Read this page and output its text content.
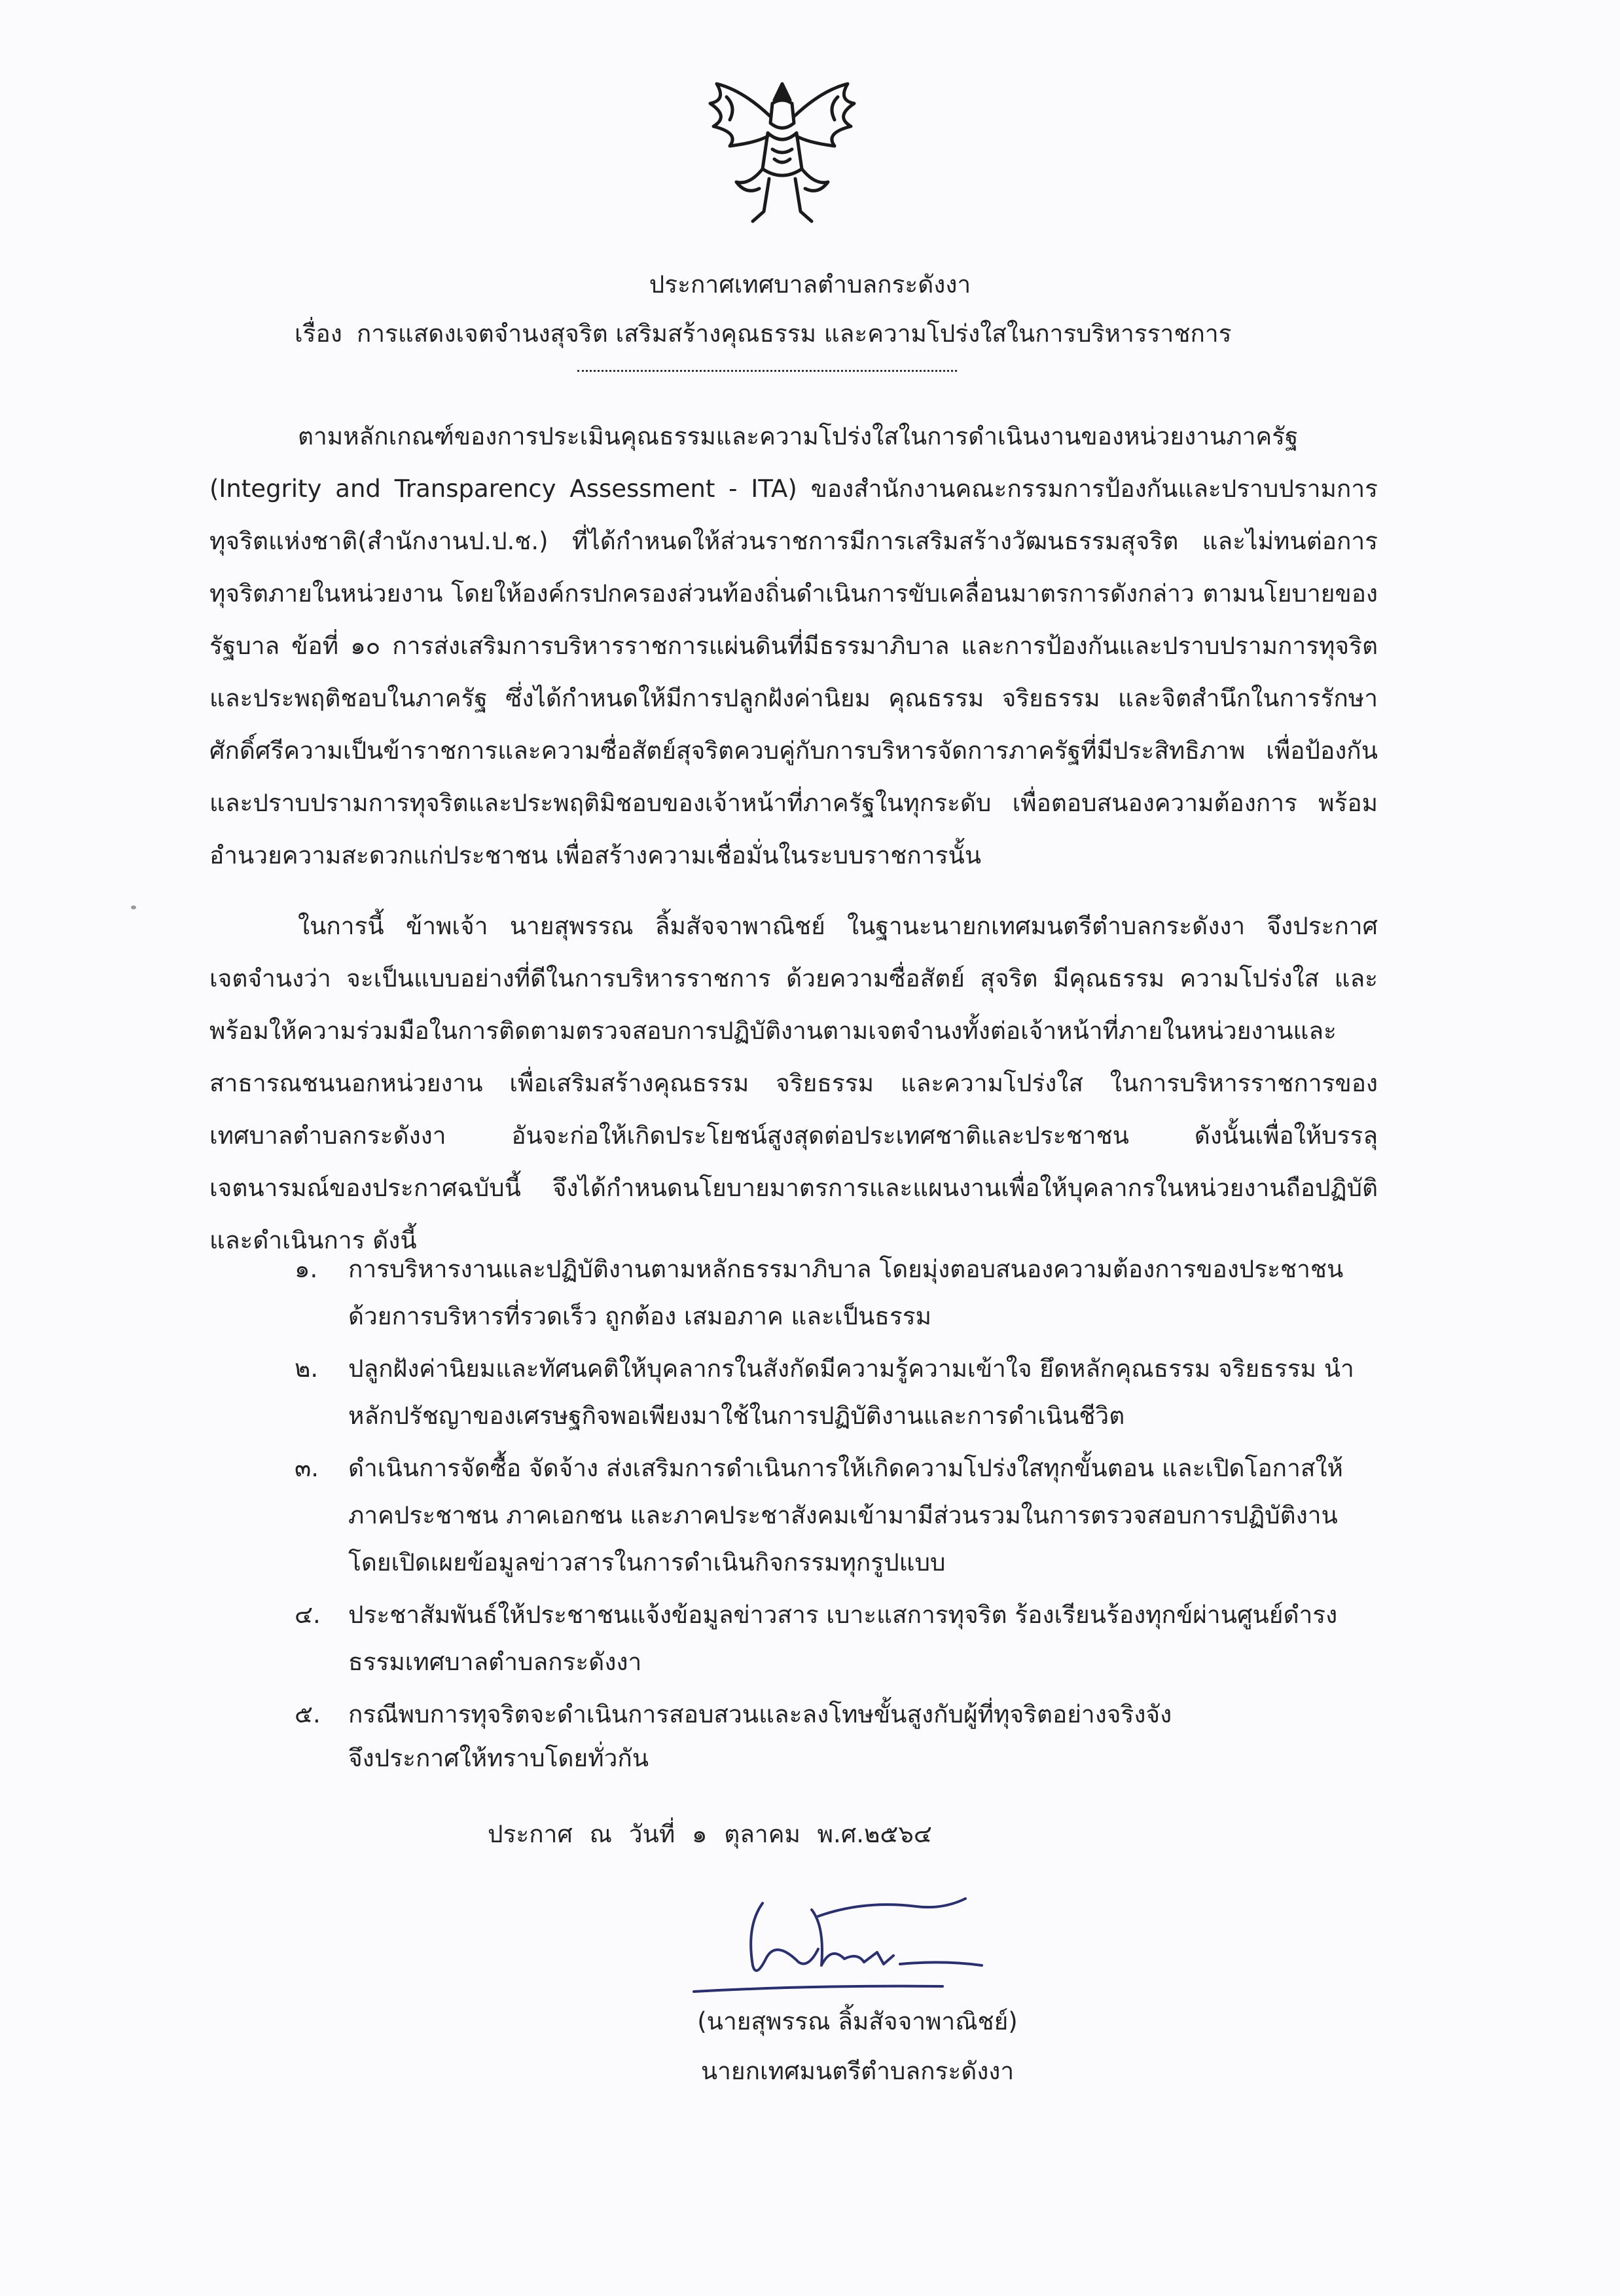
ประกาศเทศบาลตำบลกระดังงา
เรื่อง การแสดงเจตจำนงสุจริต เสริมสร้างคุณธรรม และความโปร่งใสในการบริหารราชการ

ตามหลักเกณฑ์ของการประเมินคุณธรรมและความโปร่งใสในการดำเนินงานของหน่วยงานภาครัฐ (Integrity and Transparency Assessment - ITA) ของสำนักงานคณะกรรมการป้องกันและปราบปรามการทุจริตแห่งชาติ(สำนักงานป.ป.ช.) ที่ได้กำหนดให้ส่วนราชการมีการเสริมสร้างวัฒนธรรมสุจริต และไม่ทนต่อการทุจริตภายในหน่วยงาน โดยให้องค์กรปกครองส่วนท้องถิ่นดำเนินการขับเคลื่อนมาตรการดังกล่าว ตามนโยบายของรัฐบาล ข้อที่ ๑๐ การส่งเสริมการบริหารราชการแผ่นดินที่มีธรรมาภิบาล และการป้องกันและปราบปรามการทุจริตและประพฤติชอบในภาครัฐ ซึ่งได้กำหนดให้มีการปลูกฝังค่านิยม คุณธรรม จริยธรรม และจิตสำนึกในการรักษาศักดิ์ศรีความเป็นข้าราชการและความซื่อสัตย์สุจริตควบคู่กับการบริหารจัดการภาครัฐที่มีประสิทธิภาพ เพื่อป้องกันและปราบปรามการทุจริตและประพฤติมิชอบของเจ้าหน้าที่ภาครัฐในทุกระดับ เพื่อตอบสนองความต้องการ พร้อมอำนวยความสะดวกแก่ประชาชน เพื่อสร้างความเชื่อมั่นในระบบราชการนั้น

ในการนี้ ข้าพเจ้า นายสุพรรณ ลิ้มสัจจาพาณิชย์ ในฐานะนายกเทศมนตรีตำบลกระดังงา จึงประกาศเจตจำนงว่า จะเป็นแบบอย่างที่ดีในการบริหารราชการ ด้วยความซื่อสัตย์ สุจริต มีคุณธรรม ความโปร่งใส และพร้อมให้ความร่วมมือในการติดตามตรวจสอบการปฏิบัติงานตามเจตจำนงทั้งต่อเจ้าหน้าที่ภายในหน่วยงานและสาธารณชนนอกหน่วยงาน เพื่อเสริมสร้างคุณธรรม จริยธรรม และความโปร่งใส ในการบริหารราชการของเทศบาลตำบลกระดังงา อันจะก่อให้เกิดประโยชน์สูงสุดต่อประเทศชาติและประชาชน ดังนั้นเพื่อให้บรรลุเจตนารมณ์ของประกาศฉบับนี้ จึงได้กำหนดนโยบายมาตรการและแผนงานเพื่อให้บุคลากรในหน่วยงานถือปฏิบัติ และดำเนินการ ดังนี้

๑.	การบริหารงานและปฏิบัติงานตามหลักธรรมาภิบาล โดยมุ่งตอบสนองความต้องการของประชาชนด้วยการบริหารที่รวดเร็ว ถูกต้อง เสมอภาค และเป็นธรรม
๒.	ปลูกฝังค่านิยมและทัศนคติให้บุคลากรในสังกัดมีความรู้ความเข้าใจ ยึดหลักคุณธรรม จริยธรรม นำหลักปรัชญาของเศรษฐกิจพอเพียงมาใช้ในการปฏิบัติงานและการดำเนินชีวิต
๓.	ดำเนินการจัดซื้อ จัดจ้าง ส่งเสริมการดำเนินการให้เกิดความโปร่งใสทุกขั้นตอน และเปิดโอกาสให้ภาคประชาชน ภาคเอกชน และภาคประชาสังคมเข้ามามีส่วนรวมในการตรวจสอบการปฏิบัติงาน โดยเปิดเผยข้อมูลข่าวสารในการดำเนินกิจกรรมทุกรูปแบบ
๔.	ประชาสัมพันธ์ให้ประชาชนแจ้งข้อมูลข่าวสาร เบาะแสการทุจริต ร้องเรียนร้องทุกข์ผ่านศูนย์ดำรงธรรมเทศบาลตำบลกระดังงา
๕.	กรณีพบการทุจริตจะดำเนินการสอบสวนและลงโทษขั้นสูงกับผู้ที่ทุจริตอย่างจริงจัง
จึงประกาศให้ทราบโดยทั่วกัน
ประกาศ ณ วันที่ ๑ ตุลาคม พ.ศ.๒๕๖๔
(นายสุพรรณ ลิ้มสัจจาพาณิชย์)
นายกเทศมนตรีตำบลกระดังงา
